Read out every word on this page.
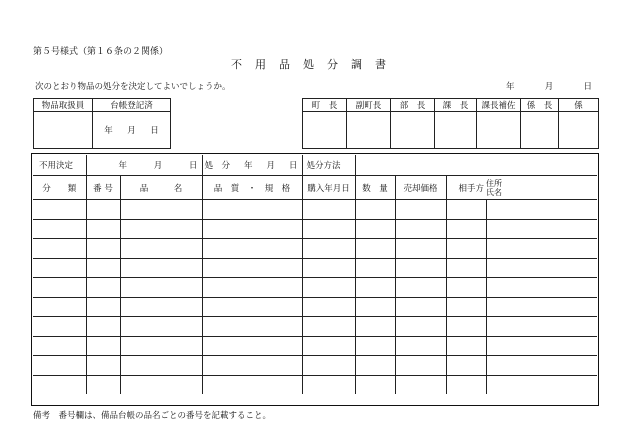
第５号様式（第１６条の２関係）
不用品処分調書
次のとおり物品の処分を決定してよいでしょうか。	年	月	日
物品取扱員	台帳登記済

	年 月 日
町　長	副町長	部　長	課　長	課長補佐	係　長	係

不用決定	年 月 日		処　分 年 月 日	処分方法				
分　　類	番 号	品　　　名	品　質　・　規　格	購入年月日	数　量	売却価格	相手方	住所
氏名

備考　番号欄は、備品台帳の品名ごとの番号を記載すること。
